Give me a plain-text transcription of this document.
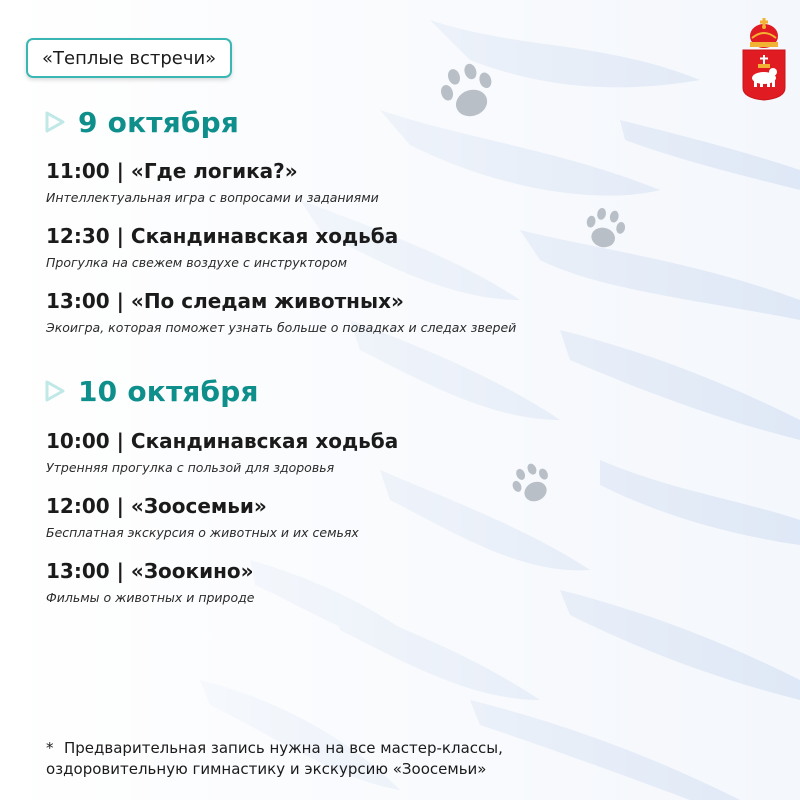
«Теплые встречи»
9 октября
11:00 | «Где логика?»
Интеллектуальная игра с вопросами и заданиями
12:30 | Скандинавская ходьба
Прогулка на свежем воздухе с инструктором
13:00 | «По следам животных»
Экоигра, которая поможет узнать больше о повадках и следах зверей
10 октября
10:00 | Скандинавская ходьба
Утренняя прогулка с пользой для здоровья
12:00 | «Зоосемьи»
Бесплатная экскурсия о животных и их семьях
13:00 | «Зоокино»
Фильмы о животных и природе
* Предварительная запись нужна на все мастер-классы,
оздоровительную гимнастику и экскурсию «Зоосемьи»
